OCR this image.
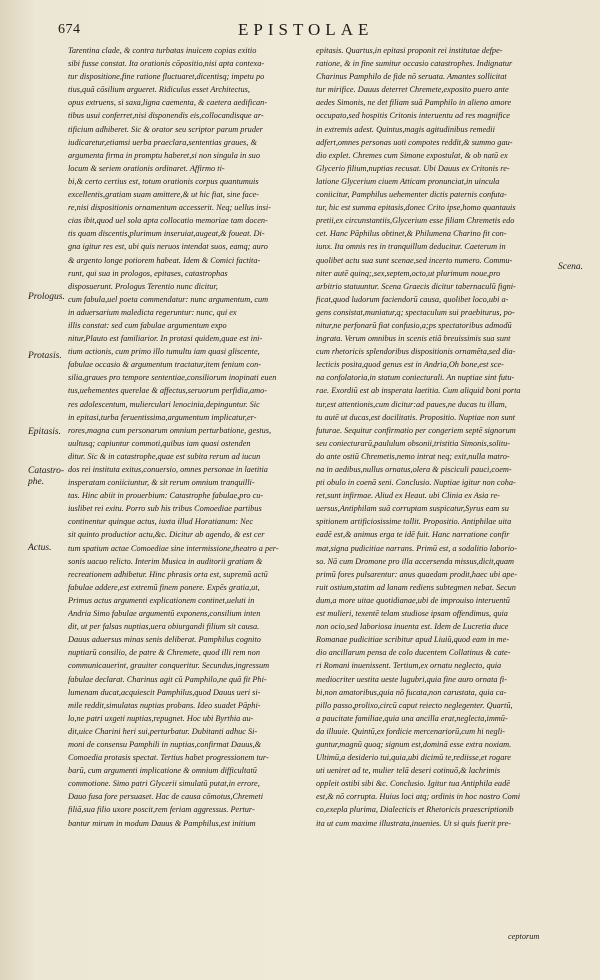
674	EPISTOLAE
Tarentina clade, & contra turbatas inuicem copias exitio
sibi fusse constat. Ita orationis cōpositio,nisi apta contexa-
tur dispositione,fine ratione fluctuaret,dicentisq; impetu po
tius,quā cōsilium argueret. Ridiculus esset Architectus,
opus extruens, si saxa,ligna caementa, & caetera aedifican-
tibus usui conferret,nisi disponendis eis,collocandisque ar-
tificium adhiberet. Sic & orator seu scriptor parum pruder
iudicaretur,etiamsi uerba praeclara,sententias graues, &
argumenta firma in promptu haberet,si non singula in suo
locum & seriem orationis ordinaret. Affirmo ti-
bi,& certo certius est, totum orationis corpus quantumuis
excellentis,gratiam suam amittere,& ut hic fiat, sine face-
re,nisi dispositionis ornamentum accesserit. Neq; uellus insi-
cias ibit,quod uel sola apta collocatio memoriae tam docen-
tis quam discentis,plurimum inseruiat,augeat,& foueat. Di-
gna igitur res est, ubi quis neruos intendat suos, eamq; auro
& argento longe potiorem habeat. Idem & Comici factita-
runt, qui sua in prologos, epitases, catastrophas
disposuerunt. Prologus Terentio nunc dicitur,
cum fabula,uel poeta commendatur: nunc argumentum, cum
in aduersarium maledicta regeruntur: nunc, qui ex
illis constat: sed cum fabulae argumentum expo
nitur,Plauto est familiarior. In protasi quidem,quae est ini-
tium actionis, cum primo illo tumultu iam quasi gliscente,
fabulae occasio & argumentum tractatur,item fenium con-
silia,graues pro tempore sententiae,consiliorum inopinati euen
tus,uehementes querelae & affectus,seruorum perfidia,amo-
res adolescentum, mulierculari lenocinia,depinguntur. Sic
in epitasi,turba feruentissima,argumentum implicatur,er-
rores,magna cum personarum omnium perturbatione, gestus,
uultusq; capiuntur commoti,quibus iam quasi ostenden
ditur. Sic & in catastrophe,quae est subita rerum ad iucun
dos rei instituta exitus,conuersio, omnes personae in laetitia
insperatam coniiciuntur, & sit rerum omnium tranquilli-
tas. Hinc abiit in prouerbium: Catastrophe fabulae,pro cu-
iuslibet rei exitu. Porro sub his tribus Comoediae partibus
continentur quinque actus, iuxta illud Horatianum: Nec
sit quinto productior actu,&c. Dicitur ab agendo, & est cer
tum spatium actae Comoediae sine intermissione,theatro a per-
sonis uacuo relicto. Interim Musica in auditorii gratiam &
recreationem adhibetur. Hinc phrasis orta est, supremū actū
fabulae addere,est extremū finem ponere. Expēs gratia,ut,
Primus actus argumenti explicationem continet,ueluti in
Andria Simo fabulae argumentū exponens,consilium inten
dit, ut per falsas nuptias,uera obiurgandi filium sit causa.
Dauus aduersus minas senis deliberat. Pamphilus cognito
nuptiarū consilio, de patre & Chremete, quod illi rem non
communicauerint, grauiter conqueritur. Secundus,ingressum
fabulae declarat. Charinus agit cū Pamphilo,ne quā fit Phi-
lumenam ducat,acquiescit Pamphilus,quod Dauus ueri si-
mile reddit,simulatas nuptias probans. Ideo suadet Pāphi-
lo,ne patri uxgeti nuptias,repugnet. Hoc ubi Byrthia au-
dit,uice Charini heri sui,perturbatur. Dubitanti adhuc Si-
moni de consensu Pamphili in nuptias,confirmat Dauus,&
Comoedia protasis spectat. Tertius habet progressionem tur-
barū, cum argumenti implicatione & omnium difficultatū
commotione. Simo patri Glycerii simulatū putat,in errore,
Dauo fusa fore persuaset. Hac de causa cōmotus,Chremeti
filiā,sua filio uxore poscit,rem feriam aggressus. Pertur-
bantur mirum in modum Dauus & Pamphilus,est initium
epitasis. Quartus,in epitasi proponit rei institutae defpe-
ratione, & in fine sumitur occasio catastrophes. Indignatur
Charinus Pamphilo de fide nō seruata. Amantes sollicitat
tur mirifice. Dauus deterret Chremete,exposito puero ante
aedes Simonis, ne det filiam suā Pamphilo in alieno amore
occupato,sed hospitis Critonis interuentu ad res magnifice
in extremis adest. Quintus,magis agitudinibus remedii
adfert,omnes personas uoti compotes reddit,& summo gau-
dio explet. Chremes cum Simone expostulat, & ob natū ex
Glycerio filium,nuptias recusat. Ubi Dauus ex Critonis re-
latione Glycerium ciuem Atticam pronunciat,in uincula
coniicitur, Pamphilus uehementer dictis paternis confuta-
tur, hic est summa epitasis,donec Crito ipse,homo quantauis
pretii,ex circunstantiis,Glycerium esse filiam Chremetis edo
cet. Hanc Pāphilus obtinet,& Philumena Charino fit con-
iunx. Ita omnis res in tranquillum deducitur. Caeterum in
quolibet actu sua sunt scenae,sed incerto numero. Commu-
niter autē quinq;,sex,septem,octo,ut plurimum noue,pro
arbitrio statuuntur. Scena Graecis dicitur tabernaculū figni-
ficat,quod ludorum faciendorū causa, quolibet loco,ubi a-
gens consistat,muniatur,q; spectaculum sui praebiturus, po-
nitur,ne perfonarū fiat confusio,a;ps spectatoribus admodū
ingrata. Verum omnibus in scenis etiā breuissimis sua sunt
cum rhetoricis splendoribus dispositionis ornamēta,sed dia-
lecticis posita,quod genus est in Andria,Oh bone,est sce-
na confolatoria,in statum coniecturali. An nuptiae sint futu-
rae. Exordiū est ab insperata laetitia. Cum aliquid boni porta
tur,est attentionis,cum dicitur:ad paues,ne ducas tu illam,
tu autē ut ducas,est docilitatis. Propositio. Nuptiae non sunt
futurae. Sequitur confirmatio per congeriem septē signorum
seu coniecturarū,paululum obsonii,tristitia Simonis,solitu-
do ante ostiū Chremetis,nemo intrat neq; exit,nulla matro-
na in aedibus,nullus ornatus,olera & pisciculi pauci,coem-
pti obulo in coenā seni. Conclusio. Nuptiae igitur non coha-
ret,sunt infirmae. Aliud ex Heaut. ubi Clinia ex Asia re-
uersus,Antiphilam suā corruptam suspicatur,Syrus eam su
spitionem artificiosissime tollit. Propositio. Antiphilae uita
eadē est,& animus erga te idē fuit. Hanc narratione confir
mat,signa pudicitiae narrans. Primū est, a sodalitio laborio-
so. Nā cum Dromone pro illa accersenda missus,dicit,quam
primū fores pulsarentur: anus quaedam prodit,haec ubi ape-
ruit ostium,statim ad lanam rediens subtegmen nebat. Secun
dum,a more uitae quotidianae,ubi de improuiso interuentū
est mulieri, texentē telam studiose ipsam offendimus, quia
non ocio,sed laboriosa inuenta est. Idem de Lucretia duce
Romanae pudicitiae scribitur apud Liuiū,quod eam in me-
dio ancillarum pensa de colo ducentem Collatinus & cate-
ri Romani inuenissent. Tertium,ex ornatu neglecto, quia
mediocriter uestita ueste lugubri,quia fine auro ornata fi-
bi,non amatoribus,quia nō fucata,non carustata, quia ca-
pillo passo,prolixo,circū caput reiecto neglegenter. Quartū,
a paucitate familiae,quia una ancilla erat,neglecta,immū-
da illuuie. Quintū,ex fordicie mercenariorū,cum hi negli-
guntur,magnū quoq; signum est,dominā esse extra noxiam.
Ultimū,a desiderio tui,quia,ubi dicimū te,rediisse,et rogare
uti ueniret ad te, mulier telā deseri cotinuō,& lachrimis
oppleit ostibi sibi &c. Conclusio. Igitur tua Antiphila eadē
est,& nō corrupta. Huius loci atq; ordinis in hoc nostro Comi
co,exepla plurima, Dialecticis et Rhetoricis praescriptionib
ita ut cum maxime illustrata,inuenies. Ut si quis fuerit pre-
Prologus.
Protasis.
Epitasis.
Catastro-phe.
Actus.
Scena.
ceptorum
